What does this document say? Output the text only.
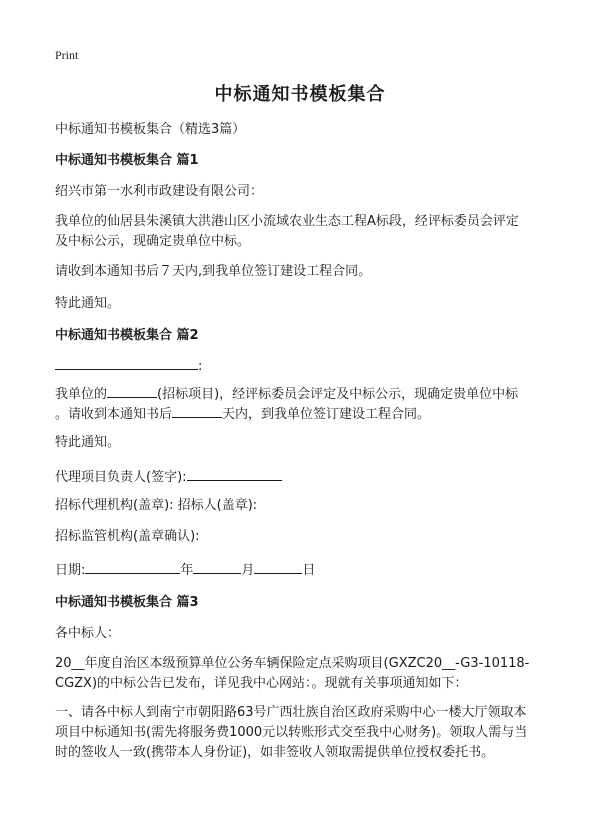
Print
中标通知书模板集合
中标通知书模板集合（精选3篇）
中标通知书模板集合 篇1
绍兴市第一水利市政建设有限公司：
我单位的仙居县朱溪镇大洪港山区小流域农业生态工程A标段，经评标委员会评定
及中标公示，现确定贵单位中标。
请收到本通知书后７天内,到我单位签订建设工程合同。
特此通知。
中标通知书模板集合 篇2
:
我单位的	(招标项目)，经评标委员会评定及中标公示，现确定贵单位中标
。请收到本通知书后	天内，到我单位签订建设工程合同。
特此通知。
代理项目负责人(签字):
招标代理机构(盖章): 招标人(盖章):
招标监管机构(盖章确认):
日期:	年	月	日
中标通知书模板集合 篇3
各中标人：
20__年度自治区本级预算单位公务车辆保险定点采购项目(GXZC20__-G3-10118-
CGZX)的中标公告已发布，详见我中心网站：。现就有关事项通知如下：
一、请各中标人到南宁市朝阳路63号广西壮族自治区政府采购中心一楼大厅领取本
项目中标通知书(需先将服务费1000元以转账形式交至我中心财务)。领取人需与当
时的签收人一致(携带本人身份证)，如非签收人领取需提供单位授权委托书。
